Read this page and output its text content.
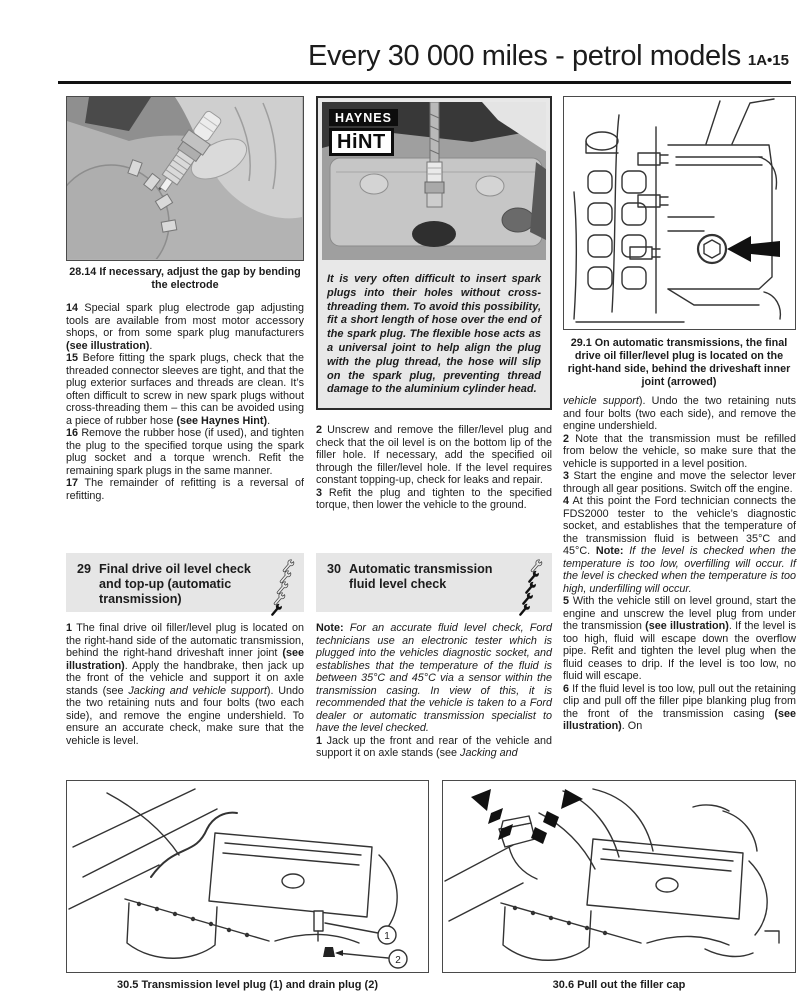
Every 30 000 miles - petrol models 1A•15
28.14 If necessary, adjust the gap by bending the electrode

14 Special spark plug electrode gap adjusting tools are available from most motor accessory shops, or from some spark plug manufacturers (see illustration).

15 Before fitting the spark plugs, check that the threaded connector sleeves are tight, and that the plug exterior surfaces and threads are clean. It’s often difficult to screw in new spark plugs without cross-threading them – this can be avoided using a piece of rubber hose (see Haynes Hint).

16 Remove the rubber hose (if used), and tighten the plug to the specified torque using the spark plug socket and a torque wrench. Refit the remaining spark plugs in the same manner.

17 The remainder of refitting is a reversal of refitting.

29 Final drive oil level check and top-up (automatic transmission)

1 The final drive oil filler/level plug is located on the right-hand side of the automatic transmission, behind the right-hand driveshaft inner joint (see illustration). Apply the handbrake, then jack up the front of the vehicle and support it on axle stands (see Jacking and vehicle support). Undo the two retaining nuts and four bolts (two each side), and remove the engine undershield. To ensure an accurate check, make sure that the vehicle is level.

HAYNES
HiNT
It is very often difficult to insert spark plugs into their holes without cross-threading them. To avoid this possibility, fit a short length of hose over the end of the spark plug. The flexible hose acts as a universal joint to help align the plug with the plug thread, the hose will slip on the spark plug, preventing thread damage to the aluminium cylinder head.

2 Unscrew and remove the filler/level plug and check that the oil level is on the bottom lip of the filler hole. If necessary, add the specified oil through the filler/level hole. If the level requires constant topping-up, check for leaks and repair.

3 Refit the plug and tighten to the specified torque, then lower the vehicle to the ground.

30 Automatic transmission fluid level check

Note: For an accurate fluid level check, Ford technicians use an electronic tester which is plugged into the vehicles diagnostic socket, and establishes that the temperature of the fluid is between 35°C and 45°C via a sensor within the transmission casing. In view of this, it is recommended that the vehicle is taken to a Ford dealer or automatic transmission specialist to have the level checked.

1 Jack up the front and rear of the vehicle and support it on axle stands (see Jacking and

29.1 On automatic transmissions, the final drive oil filler/level plug is located on the right-hand side, behind the driveshaft inner joint (arrowed)

vehicle support). Undo the two retaining nuts and four bolts (two each side), and remove the engine undershield.

2 Note that the transmission must be refilled from below the vehicle, so make sure that the vehicle is supported in a level position.

3 Start the engine and move the selector lever through all gear positions. Switch off the engine.

4 At this point the Ford technician connects the FDS2000 tester to the vehicle’s diagnostic socket, and establishes that the temperature of the transmission fluid is between 35°C and 45°C. Note: If the level is checked when the temperature is too low, overfilling will occur. If the level is checked when the temperature is too high, underfilling will occur.

5 With the vehicle still on level ground, start the engine and unscrew the level plug from under the transmission (see illustration). If the level is too high, fluid will escape down the overflow pipe. Refit and tighten the level plug when the fluid ceases to drip. If the level is too low, no fluid will escape.

6 If the fluid level is too low, pull out the retaining clip and pull off the filler pipe blanking plug from the front of the transmission casing (see illustration). On

1
2
30.5 Transmission level plug (1) and drain plug (2)	30.6 Pull out the filler cap
